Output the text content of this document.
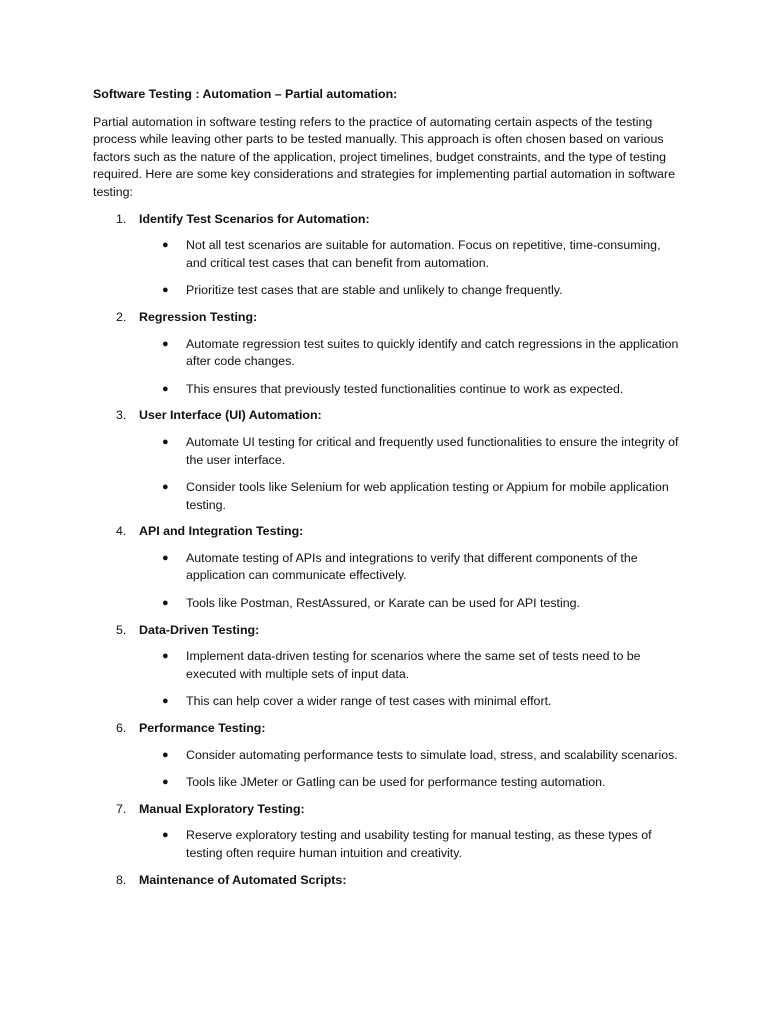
Software Testing : Automation – Partial automation:
Partial automation in software testing refers to the practice of automating certain aspects of the testing process while leaving other parts to be tested manually. This approach is often chosen based on various factors such as the nature of the application, project timelines, budget constraints, and the type of testing required. Here are some key considerations and strategies for implementing partial automation in software testing:
1. Identify Test Scenarios for Automation:
● Not all test scenarios are suitable for automation. Focus on repetitive, time-consuming, and critical test cases that can benefit from automation.
● Prioritize test cases that are stable and unlikely to change frequently.
2. Regression Testing:
● Automate regression test suites to quickly identify and catch regressions in the application after code changes.
● This ensures that previously tested functionalities continue to work as expected.
3. User Interface (UI) Automation:
● Automate UI testing for critical and frequently used functionalities to ensure the integrity of the user interface.
● Consider tools like Selenium for web application testing or Appium for mobile application testing.
4. API and Integration Testing:
● Automate testing of APIs and integrations to verify that different components of the application can communicate effectively.
● Tools like Postman, RestAssured, or Karate can be used for API testing.
5. Data-Driven Testing:
● Implement data-driven testing for scenarios where the same set of tests need to be executed with multiple sets of input data.
● This can help cover a wider range of test cases with minimal effort.
6. Performance Testing:
● Consider automating performance tests to simulate load, stress, and scalability scenarios.
● Tools like JMeter or Gatling can be used for performance testing automation.
7. Manual Exploratory Testing:
● Reserve exploratory testing and usability testing for manual testing, as these types of testing often require human intuition and creativity.
8. Maintenance of Automated Scripts:
